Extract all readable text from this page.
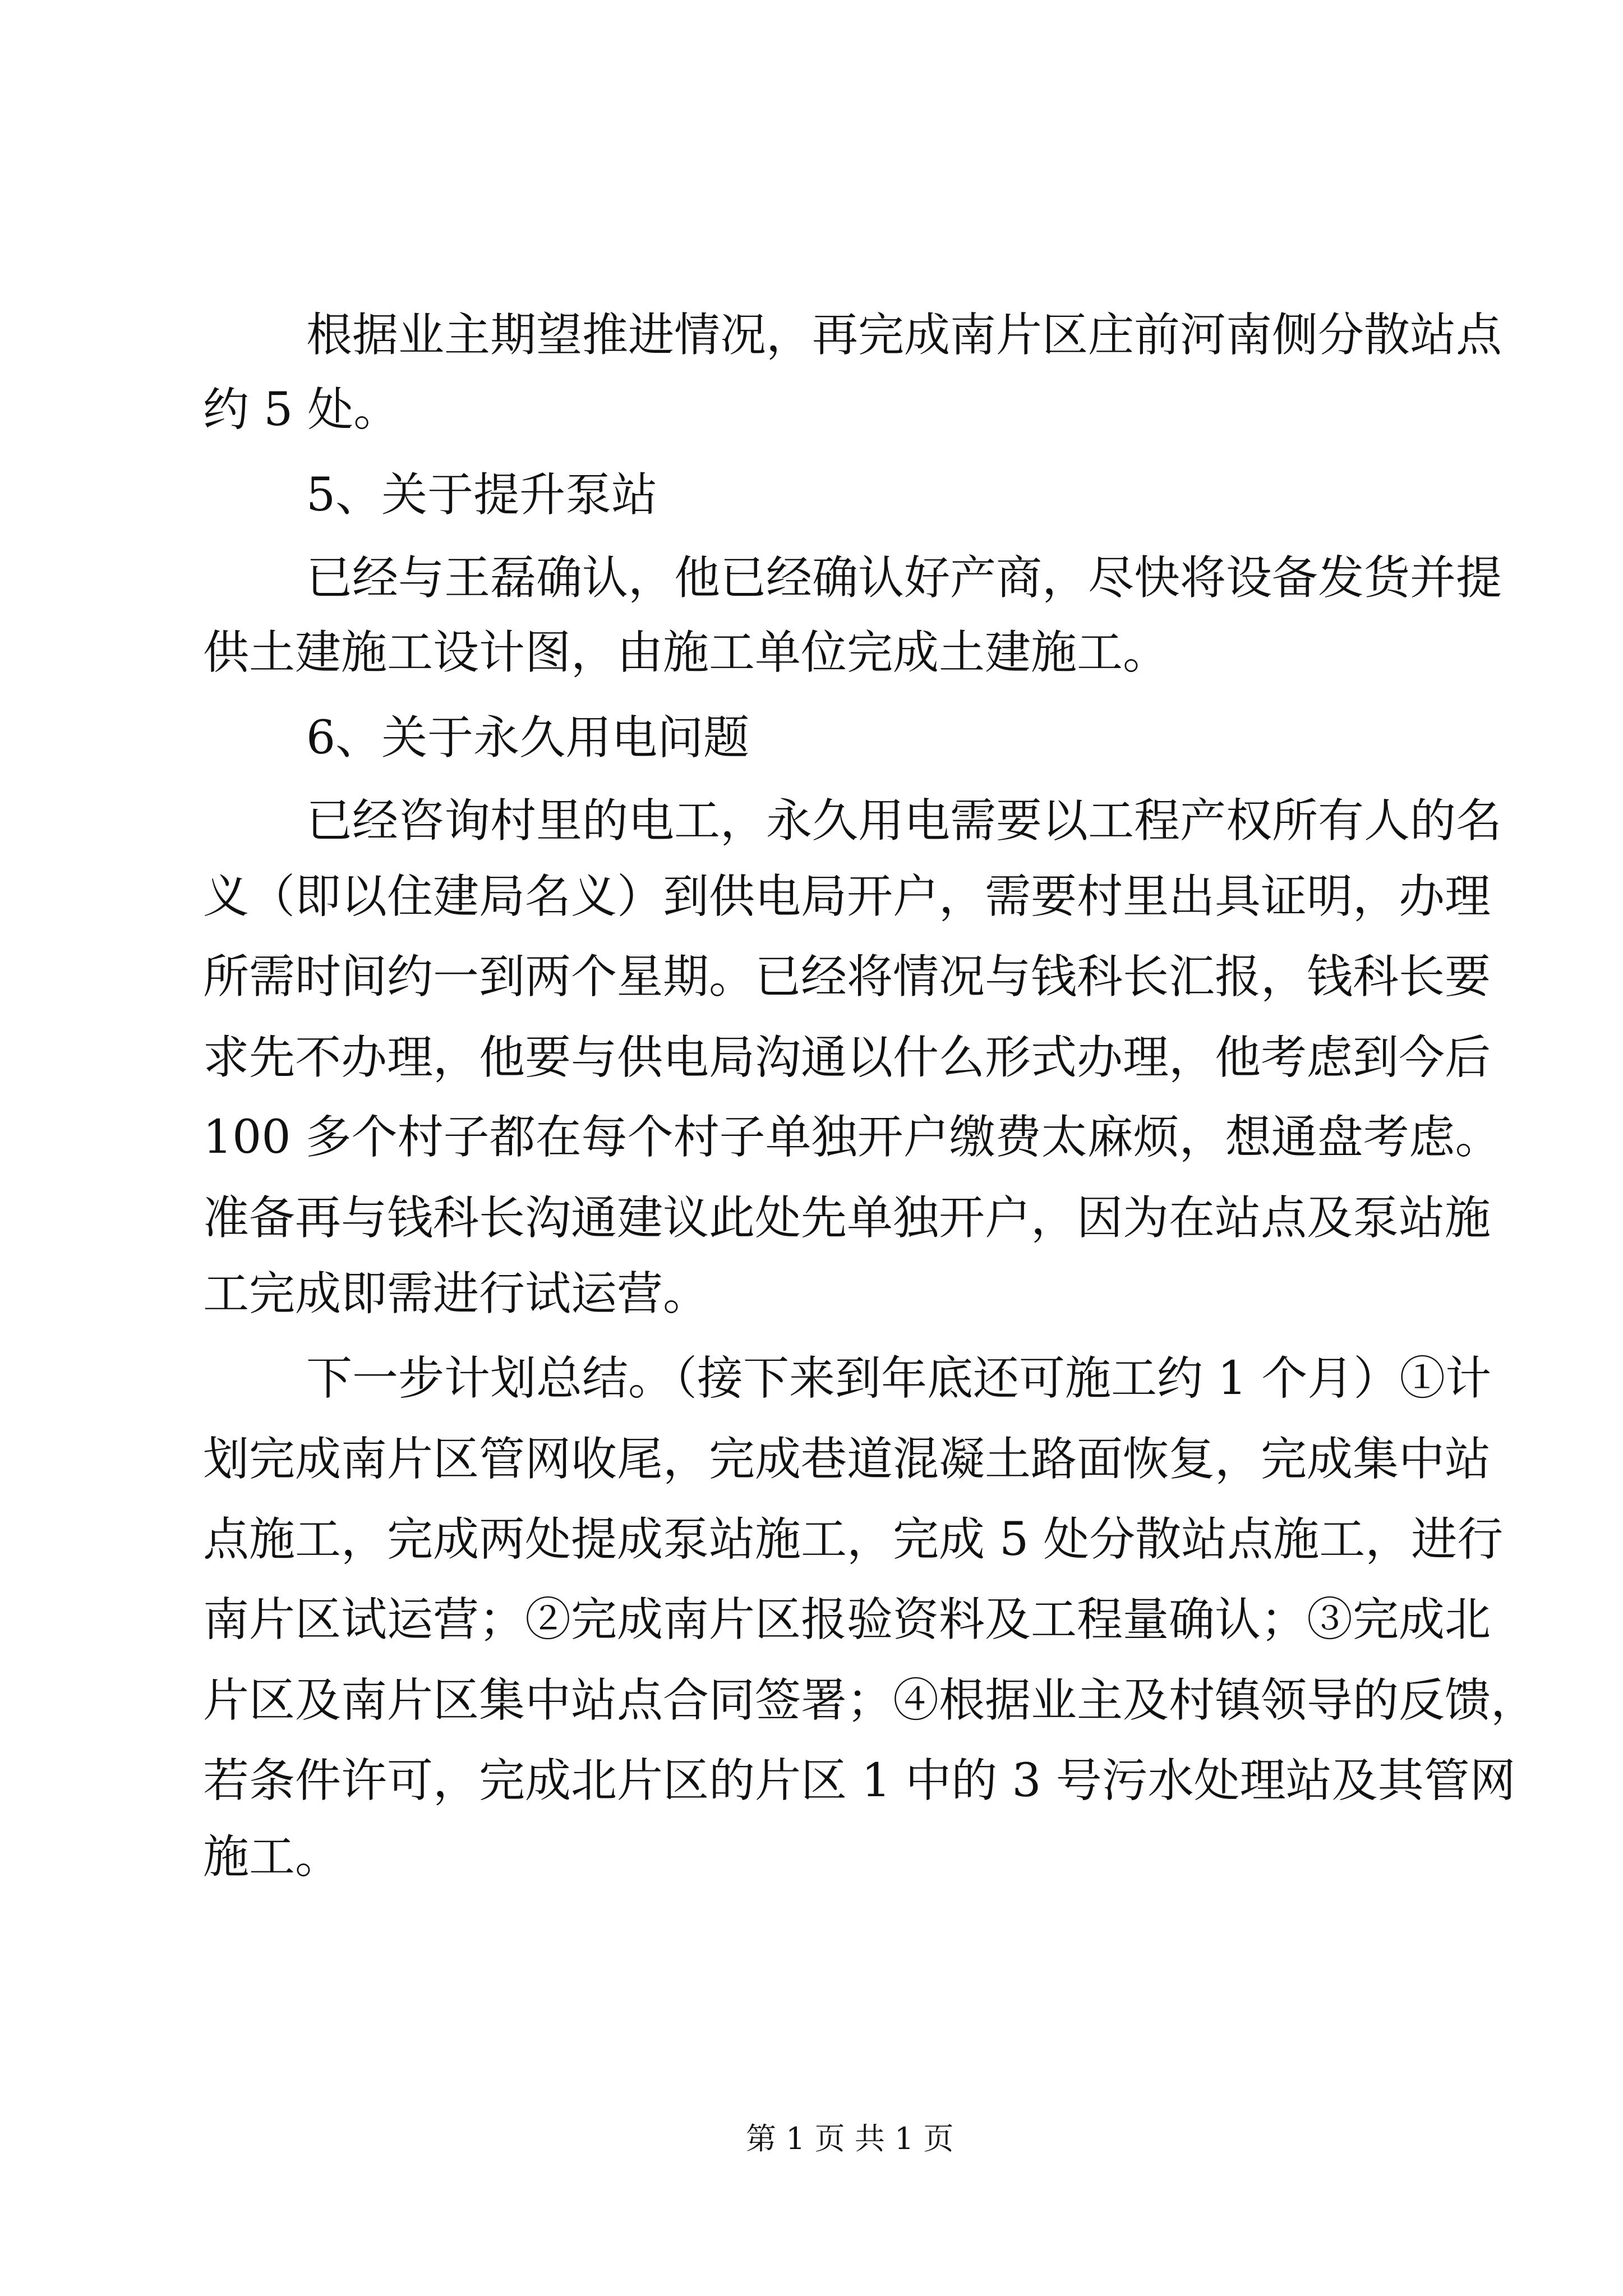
根据业主期望推进情况，再完成南片区庄前河南侧分散站点

约 5 处。

5、关于提升泵站

已经与王磊确认，他已经确认好产商，尽快将设备发货并提

供土建施工设计图，由施工单位完成土建施工。

6、关于永久用电问题

已经咨询村里的电工，永久用电需要以工程产权所有人的名

义（即以住建局名义）到供电局开户，需要村里出具证明，办理

所需时间约一到两个星期。已经将情况与钱科长汇报，钱科长要

求先不办理，他要与供电局沟通以什么形式办理，他考虑到今后

100 多个村子都在每个村子单独开户缴费太麻烦，想通盘考虑。

准备再与钱科长沟通建议此处先单独开户，因为在站点及泵站施

工完成即需进行试运营。

下一步计划总结。（接下来到年底还可施工约 1 个月）①计

划完成南片区管网收尾，完成巷道混凝土路面恢复，完成集中站

点施工，完成两处提成泵站施工，完成 5 处分散站点施工，进行

南片区试运营；②完成南片区报验资料及工程量确认；③完成北

片区及南片区集中站点合同签署；④根据业主及村镇领导的反馈，

若条件许可，完成北片区的片区 1 中的 3 号污水处理站及其管网

施工。

第 1 页 共 1 页
